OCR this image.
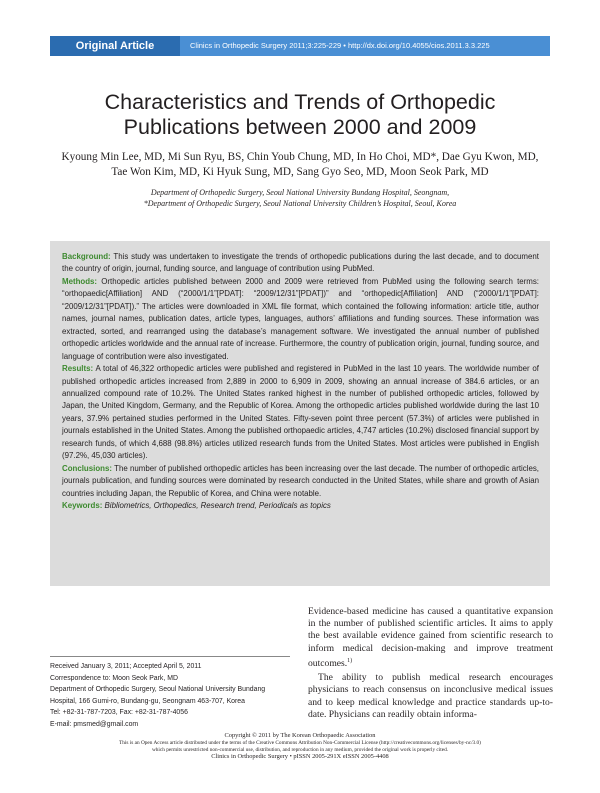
Original Article	Clinics in Orthopedic Surgery 2011;3:225-229 • http://dx.doi.org/10.4055/cios.2011.3.3.225
Characteristics and Trends of Orthopedic
Publications between 2000 and 2009
Kyoung Min Lee, MD, Mi Sun Ryu, BS, Chin Youb Chung, MD, In Ho Choi, MD*, Dae Gyu Kwon, MD,
Tae Won Kim, MD, Ki Hyuk Sung, MD, Sang Gyo Seo, MD, Moon Seok Park, MD
Department of Orthopedic Surgery, Seoul National University Bundang Hospital, Seongnam,
*Department of Orthopedic Surgery, Seoul National University Children’s Hospital, Seoul, Korea

Background: This study was undertaken to investigate the trends of orthopedic publications during the last decade, and to document the country of origin, journal, funding source, and language of contribution using PubMed.

Methods: Orthopedic articles published between 2000 and 2009 were retrieved from PubMed using the following search terms: “orthopaedic[Affiliation] AND (“2000/1/1”[PDAT]: “2009/12/31”[PDAT])” and “orthopedic[Affiliation] AND (“2000/1/1”[PDAT]: “2009/12/31”[PDAT]).” The articles were downloaded in XML file format, which contained the following information: article title, author names, journal names, publication dates, article types, languages, authors’ affiliations and funding sources. These information was extracted, sorted, and rearranged using the database’s management software. We investigated the annual number of published orthopedic articles worldwide and the annual rate of increase. Furthermore, the country of publication origin, journal, funding source, and language of contribution were also investigated.

Results: A total of 46,322 orthopedic articles were published and registered in PubMed in the last 10 years. The worldwide number of published orthopedic articles increased from 2,889 in 2000 to 6,909 in 2009, showing an annual increase of 384.6 articles, or an annualized compound rate of 10.2%. The United States ranked highest in the number of published orthopedic articles, followed by Japan, the United Kingdom, Germany, and the Republic of Korea. Among the orthopedic articles published worldwide during the last 10 years, 37.9% pertained studies performed in the United States. Fifty-seven point three percent (57.3%) of articles were published in journals established in the United States. Among the published orthopaedic articles, 4,747 articles (10.2%) disclosed financial support by research funds, of which 4,688 (98.8%) articles utilized research funds from the United States. Most articles were published in English (97.2%, 45,030 articles).

Conclusions: The number of published orthopedic articles has been increasing over the last decade. The number of orthopedic articles, journals publication, and funding sources were dominated by research conducted in the United States, while share and growth of Asian countries including Japan, the Republic of Korea, and China were notable.

Keywords: Bibliometrics, Orthopedics, Research trend, Periodicals as topics

Received January 3, 2011; Accepted April 5, 2011
Correspondence to: Moon Seok Park, MD
Department of Orthopedic Surgery, Seoul National University Bundang
Hospital, 166 Gumi-ro, Bundang-gu, Seongnam 463-707, Korea
Tel: +82-31-787-7203, Fax: +82-31-787-4056
E-mail: pmsmed@gmail.com

Evidence-based medicine has caused a quantitative expansion in the number of published scientific articles. It aims to apply the best available evidence gained from scientific research to inform medical decision-making and improve treatment outcomes.$^{1)}$

The ability to publish medical research encourages physicians to reach consensus on inconclusive medical issues and to keep medical knowledge and practice standards up-to-date. Physicians can readily obtain informa-

Copyright © 2011 by The Korean Orthopaedic Association
This is an Open Access article distributed under the terms of the Creative Commons Attribution Non-Commercial License (http://creativecommons.org/licenses/by-nc/3.0)
which permits unrestricted non-commercial use, distribution, and reproduction in any medium, provided the original work is properly cited.
Clinics in Orthopedic Surgery • pISSN 2005-291X eISSN 2005-4408
